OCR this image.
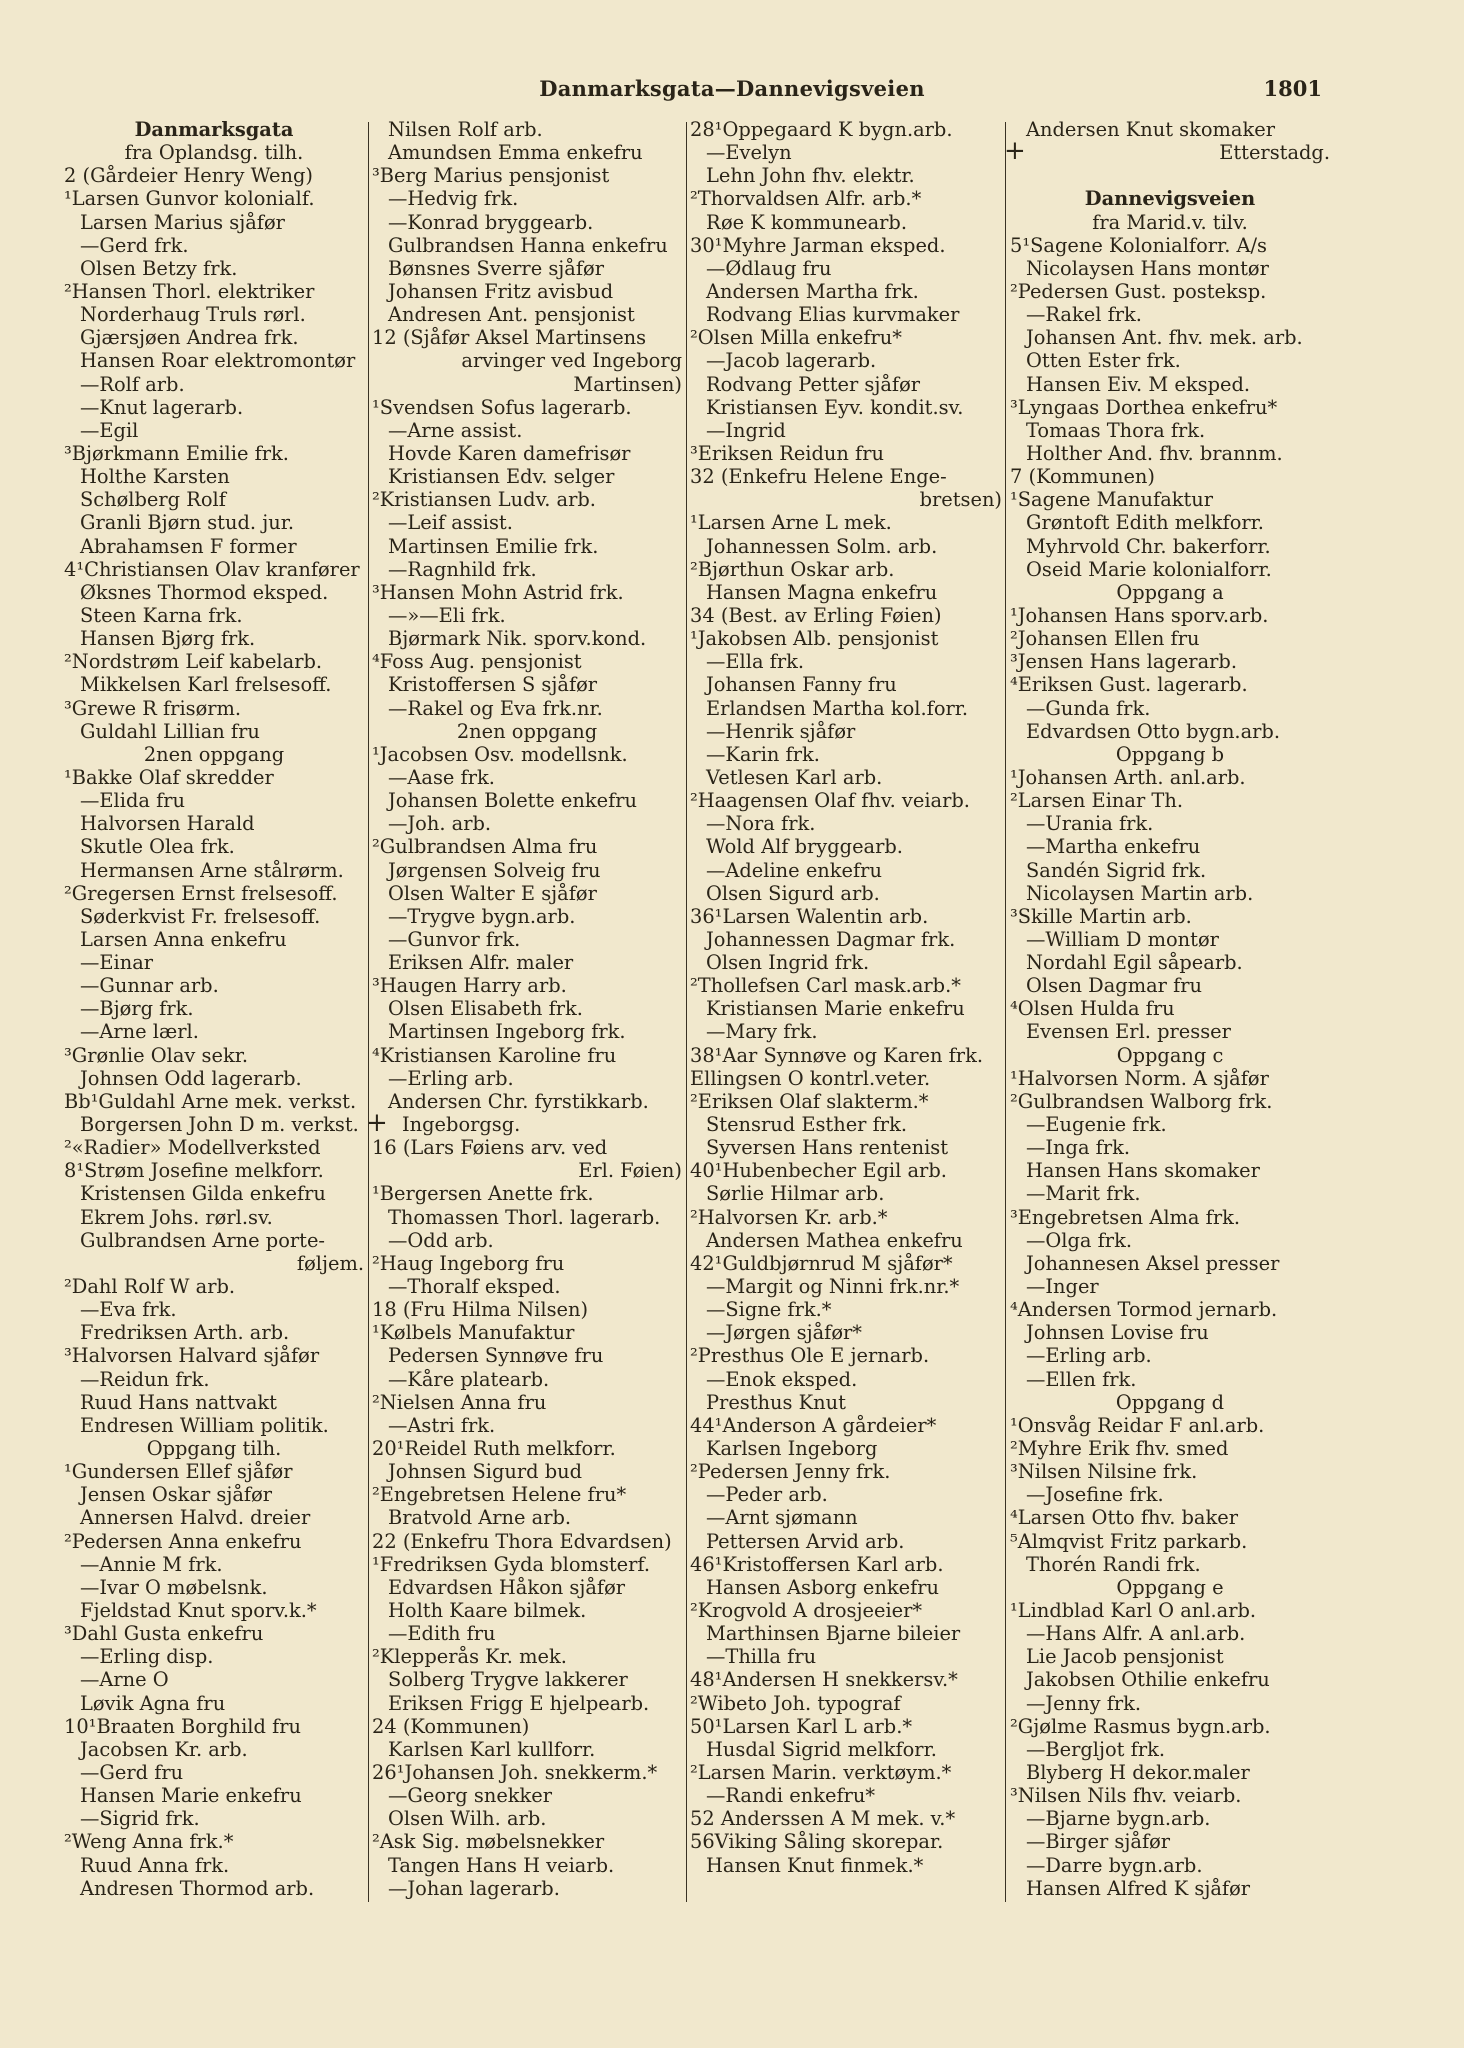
Danmarksgata—Dannevigsveien	1801
Danmarksgata
fra Oplandsg. tilh.
2 (Gårdeier Henry Weng)
¹Larsen Gunvor kolonialf.
Larsen Marius sjåfør
—Gerd frk.
Olsen Betzy frk.
²Hansen Thorl. elektriker
Norderhaug Truls rørl.
Gjærsjøen Andrea frk.
Hansen Roar elektromontør
—Rolf arb.
—Knut lagerarb.
—Egil
³Bjørkmann Emilie frk.
Holthe Karsten
Schølberg Rolf
Granli Bjørn stud. jur.
Abrahamsen F former
4¹Christiansen Olav kranfører
Øksnes Thormod eksped.
Steen Karna frk.
Hansen Bjørg frk.
²Nordstrøm Leif kabelarb.
Mikkelsen Karl frelsesoff.
³Grewe R frisørm.
Guldahl Lillian fru
2nen oppgang
¹Bakke Olaf skredder
—Elida fru
Halvorsen Harald
Skutle Olea frk.
Hermansen Arne stålrørm.
²Gregersen Ernst frelsesoff.
Søderkvist Fr. frelsesoff.
Larsen Anna enkefru
—Einar
—Gunnar arb.
—Bjørg frk.
—Arne lærl.
³Grønlie Olav sekr.
Johnsen Odd lagerarb.
Bb¹Guldahl Arne mek. verkst.
Borgersen John D m. verkst.
²«Radier» Modellverksted
8¹Strøm Josefine melkforr.
Kristensen Gilda enkefru
Ekrem Johs. rørl.sv.
Gulbrandsen Arne porte-
føljem.
²Dahl Rolf W arb.
—Eva frk.
Fredriksen Arth. arb.
³Halvorsen Halvard sjåfør
—Reidun frk.
Ruud Hans nattvakt
Endresen William politik.
Oppgang tilh.
¹Gundersen Ellef sjåfør
Jensen Oskar sjåfør
Annersen Halvd. dreier
²Pedersen Anna enkefru
—Annie M frk.
—Ivar O møbelsnk.
Fjeldstad Knut sporv.k.*
³Dahl Gusta enkefru
—Erling disp.
—Arne O
Løvik Agna fru
10¹Braaten Borghild fru
Jacobsen Kr. arb.
—Gerd fru
Hansen Marie enkefru
—Sigrid frk.
²Weng Anna frk.*
Ruud Anna frk.
Andresen Thormod arb.
Nilsen Rolf arb.
Amundsen Emma enkefru
³Berg Marius pensjonist
—Hedvig frk.
—Konrad bryggearb.
Gulbrandsen Hanna enkefru
Bønsnes Sverre sjåfør
Johansen Fritz avisbud
Andresen Ant. pensjonist
12 (Sjåfør Aksel Martinsens
arvinger ved Ingeborg
Martinsen)
¹Svendsen Sofus lagerarb.
—Arne assist.
Hovde Karen damefrisør
Kristiansen Edv. selger
²Kristiansen Ludv. arb.
—Leif assist.
Martinsen Emilie frk.
—Ragnhild frk.
³Hansen Mohn Astrid frk.
—»—Eli frk.
Bjørmark Nik. sporv.kond.
⁴Foss Aug. pensjonist
Kristoffersen S sjåfør
—Rakel og Eva frk.nr.
2nen oppgang
¹Jacobsen Osv. modellsnk.
—Aase frk.
Johansen Bolette enkefru
—Joh. arb.
²Gulbrandsen Alma fru
Jørgensen Solveig fru
Olsen Walter E sjåfør
—Trygve bygn.arb.
—Gunvor frk.
Eriksen Alfr. maler
³Haugen Harry arb.
Olsen Elisabeth frk.
Martinsen Ingeborg frk.
⁴Kristiansen Karoline fru
—Erling arb.
Andersen Chr. fyrstikkarb.
+ Ingeborgsg.
16 (Lars Føiens arv. ved
Erl. Føien)
¹Bergersen Anette frk.
Thomassen Thorl. lagerarb.
—Odd arb.
²Haug Ingeborg fru
—Thoralf eksped.
18 (Fru Hilma Nilsen)
¹Kølbels Manufaktur
Pedersen Synnøve fru
—Kåre platearb.
²Nielsen Anna fru
—Astri frk.
20¹Reidel Ruth melkforr.
Johnsen Sigurd bud
²Engebretsen Helene fru*
Bratvold Arne arb.
22 (Enkefru Thora Edvardsen)
¹Fredriksen Gyda blomsterf.
Edvardsen Håkon sjåfør
Holth Kaare bilmek.
—Edith fru
²Klepperås Kr. mek.
Solberg Trygve lakkerer
Eriksen Frigg E hjelpearb.
24 (Kommunen)
Karlsen Karl kullforr.
26¹Johansen Joh. snekkerm.*
—Georg snekker
Olsen Wilh. arb.
²Ask Sig. møbelsnekker
Tangen Hans H veiarb.
—Johan lagerarb.
28¹Oppegaard K bygn.arb.
—Evelyn
Lehn John fhv. elektr.
²Thorvaldsen Alfr. arb.*
Røe K kommunearb.
30¹Myhre Jarman eksped.
—Ødlaug fru
Andersen Martha frk.
Rodvang Elias kurvmaker
²Olsen Milla enkefru*
—Jacob lagerarb.
Rodvang Petter sjåfør
Kristiansen Eyv. kondit.sv.
—Ingrid
³Eriksen Reidun fru
32 (Enkefru Helene Enge-
bretsen)
¹Larsen Arne L mek.
Johannessen Solm. arb.
²Bjørthun Oskar arb.
Hansen Magna enkefru
34 (Best. av Erling Føien)
¹Jakobsen Alb. pensjonist
—Ella frk.
Johansen Fanny fru
Erlandsen Martha kol.forr.
—Henrik sjåfør
—Karin frk.
Vetlesen Karl arb.
²Haagensen Olaf fhv. veiarb.
—Nora frk.
Wold Alf bryggearb.
—Adeline enkefru
Olsen Sigurd arb.
36¹Larsen Walentin arb.
Johannessen Dagmar frk.
Olsen Ingrid frk.
²Thollefsen Carl mask.arb.*
Kristiansen Marie enkefru
—Mary frk.
38¹Aar Synnøve og Karen frk.
Ellingsen O kontrl.veter.
²Eriksen Olaf slakterm.*
Stensrud Esther frk.
Syversen Hans rentenist
40¹Hubenbecher Egil arb.
Sørlie Hilmar arb.
²Halvorsen Kr. arb.*
Andersen Mathea enkefru
42¹Guldbjørnrud M sjåfør*
—Margit og Ninni frk.nr.*
—Signe frk.*
—Jørgen sjåfør*
²Presthus Ole E jernarb.
—Enok eksped.
Presthus Knut
44¹Anderson A gårdeier*
Karlsen Ingeborg
²Pedersen Jenny frk.
—Peder arb.
—Arnt sjømann
Pettersen Arvid arb.
46¹Kristoffersen Karl arb.
Hansen Asborg enkefru
²Krogvold A drosjeeier*
Marthinsen Bjarne bileier
—Thilla fru
48¹Andersen H snekkersv.*
²Wibeto Joh. typograf
50¹Larsen Karl L arb.*
Husdal Sigrid melkforr.
²Larsen Marin. verktøym.*
—Randi enkefru*
52 Anderssen A M mek. v.*
56Viking Såling skorepar.
Hansen Knut finmek.*
Andersen Knut skomaker
+	Etterstadg.
Dannevigsveien
fra Marid.v. tilv.
5¹Sagene Kolonialforr. A/s
Nicolaysen Hans montør
²Pedersen Gust. posteksp.
—Rakel frk.
Johansen Ant. fhv. mek. arb.
Otten Ester frk.
Hansen Eiv. M eksped.
³Lyngaas Dorthea enkefru*
Tomaas Thora frk.
Holther And. fhv. brannm.
7 (Kommunen)
¹Sagene Manufaktur
Grøntoft Edith melkforr.
Myhrvold Chr. bakerforr.
Oseid Marie kolonialforr.
Oppgang a
¹Johansen Hans sporv.arb.
²Johansen Ellen fru
³Jensen Hans lagerarb.
⁴Eriksen Gust. lagerarb.
—Gunda frk.
Edvardsen Otto bygn.arb.
Oppgang b
¹Johansen Arth. anl.arb.
²Larsen Einar Th.
—Urania frk.
—Martha enkefru
Sandén Sigrid frk.
Nicolaysen Martin arb.
³Skille Martin arb.
—William D montør
Nordahl Egil såpearb.
Olsen Dagmar fru
⁴Olsen Hulda fru
Evensen Erl. presser
Oppgang c
¹Halvorsen Norm. A sjåfør
²Gulbrandsen Walborg frk.
—Eugenie frk.
—Inga frk.
Hansen Hans skomaker
—Marit frk.
³Engebretsen Alma frk.
—Olga frk.
Johannesen Aksel presser
—Inger
⁴Andersen Tormod jernarb.
Johnsen Lovise fru
—Erling arb.
—Ellen frk.
Oppgang d
¹Onsvåg Reidar F anl.arb.
²Myhre Erik fhv. smed
³Nilsen Nilsine frk.
—Josefine frk.
⁴Larsen Otto fhv. baker
⁵Almqvist Fritz parkarb.
Thorén Randi frk.
Oppgang e
¹Lindblad Karl O anl.arb.
—Hans Alfr. A anl.arb.
Lie Jacob pensjonist
Jakobsen Othilie enkefru
—Jenny frk.
²Gjølme Rasmus bygn.arb.
—Bergljot frk.
Blyberg H dekor.maler
³Nilsen Nils fhv. veiarb.
—Bjarne bygn.arb.
—Birger sjåfør
—Darre bygn.arb.
Hansen Alfred K sjåfør
